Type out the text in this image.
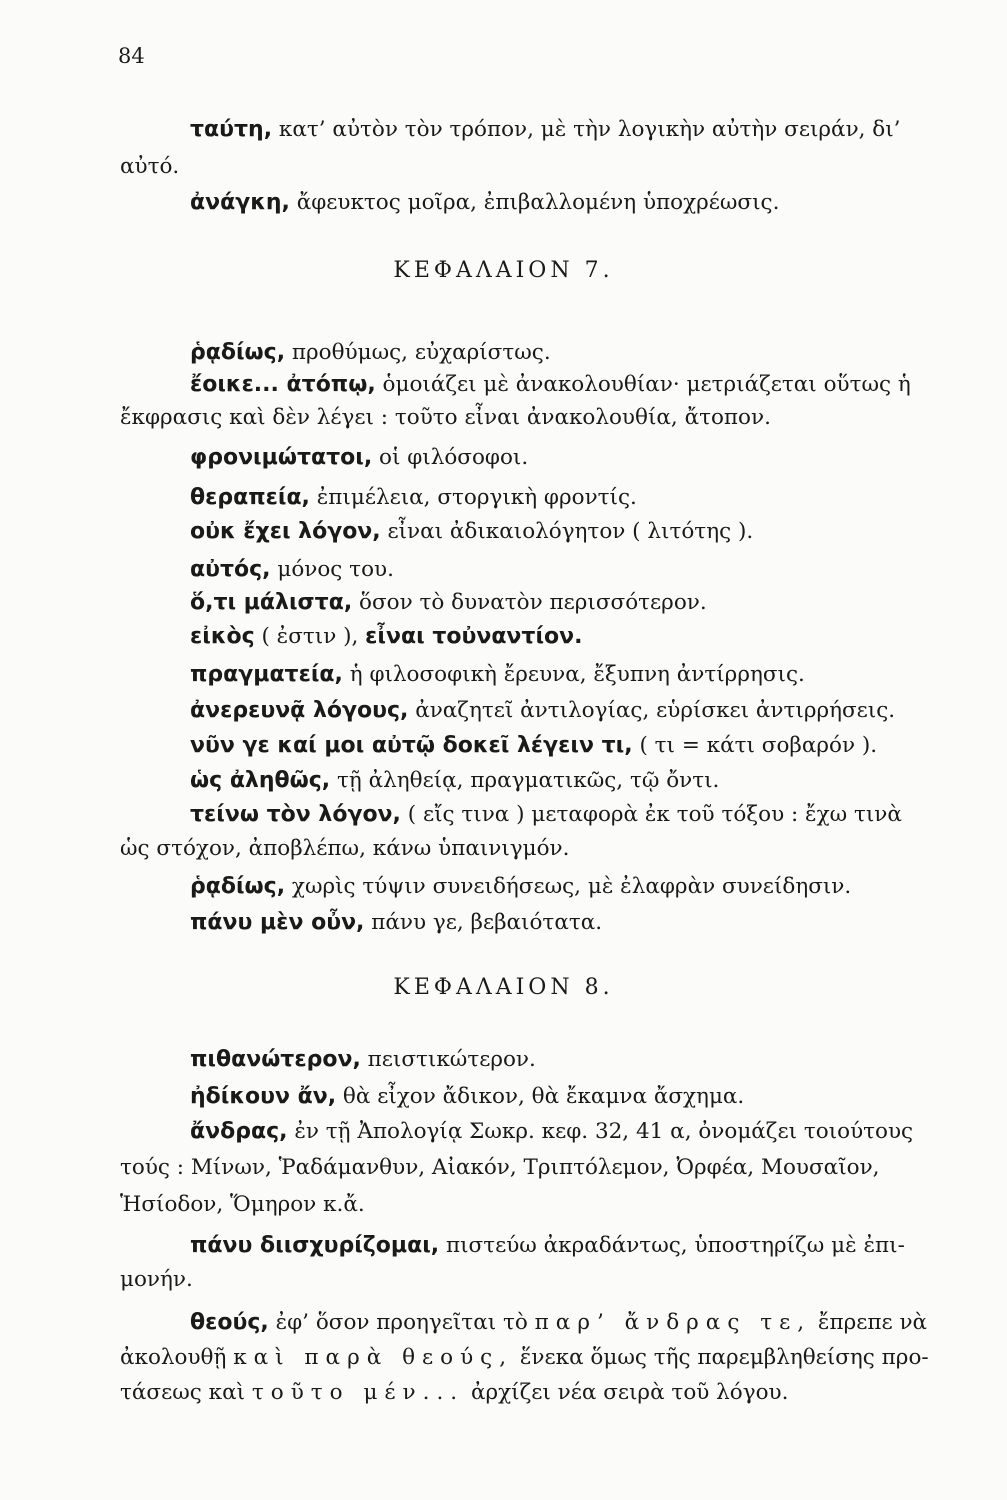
84
ταύτη, κατ’ αὐτὸν τὸν τρόπον, μὲ τὴν λογικὴν αὐτὴν σειράν, δι’
αὐτό.
ἀνάγκη, ἄφευκτος μοῖρα, ἐπιβαλλομένη ὑποχρέωσις.
ΚΕΦΑΛΑΙΟΝ 7.
ῥᾳδίως, προθύμως, εὐχαρίστως.
ἔοικε... ἀτόπῳ, ὁμοιάζει μὲ ἀνακολουθίαν· μετριάζεται οὕτως ἡ
ἔκφρασις καὶ δὲν λέγει : τοῦτο εἶναι ἀνακολουθία, ἄτοπον.
φρονιμώτατοι, οἱ φιλόσοφοι.
θεραπεία, ἐπιμέλεια, στοργικὴ φροντίς.
οὐκ ἔχει λόγον, εἶναι ἀδικαιολόγητον ( λιτότης ).
αὐτός, μόνος του.
ὅ,τι μάλιστα, ὅσον τὸ δυνατὸν περισσότερον.
εἰκὸς ( ἐστιν ), εἶναι τοὐναντίον.
πραγματεία, ἡ φιλοσοφικὴ ἔρευνα, ἔξυπνη ἀντίρρησις.
ἀνερευνᾷ λόγους, ἀναζητεῖ ἀντιλογίας, εὑρίσκει ἀντιρρήσεις.
νῦν γε καί μοι αὐτῷ δοκεῖ λέγειν τι, ( τι = κάτι σοβαρόν ).
ὡς ἀληθῶς, τῇ ἀληθείᾳ, πραγματικῶς, τῷ ὄντι.
τείνω τὸν λόγον, ( εἴς τινα ) μεταφορὰ ἐκ τοῦ τόξου : ἔχω τινὰ
ὡς στόχον, ἀποβλέπω, κάνω ὑπαινιγμόν.
ῥᾳδίως, χωρὶς τύψιν συνειδήσεως, μὲ ἐλαφρὰν συνείδησιν.
πάνυ μὲν οὖν, πάνυ γε, βεβαιότατα.
ΚΕΦΑΛΑΙΟΝ 8.
πιθανώτερον, πειστικώτερον.
ἠδίκουν ἄν, θὰ εἶχον ἄδικον, θὰ ἔκαμνα ἄσχημα.
ἄνδρας, ἐν τῇ Ἀπολογίᾳ Σωκρ. κεφ. 32, 41 α, ὀνομάζει τοιούτους
τούς : Μίνων, Ῥαδάμανθυν, Αἰακόν, Τριπτόλεμον, Ὀρφέα, Μουσαῖον,
Ἡσίοδον, Ὅμηρον κ.ἄ.
πάνυ διισχυρίζομαι, πιστεύω ἀκραδάντως, ὑποστηρίζω μὲ ἐπι-
μονήν.
θεούς, ἐφ’ ὅσον προηγεῖται τὸ παρ’ ἄνδρας τε, ἔπρεπε νὰ
ἀκολουθῇ καὶ παρὰ θεούς, ἕνεκα ὅμως τῆς παρεμβληθείσης προ-
τάσεως καὶ τοῦτο μέν... ἀρχίζει νέα σειρὰ τοῦ λόγου.
